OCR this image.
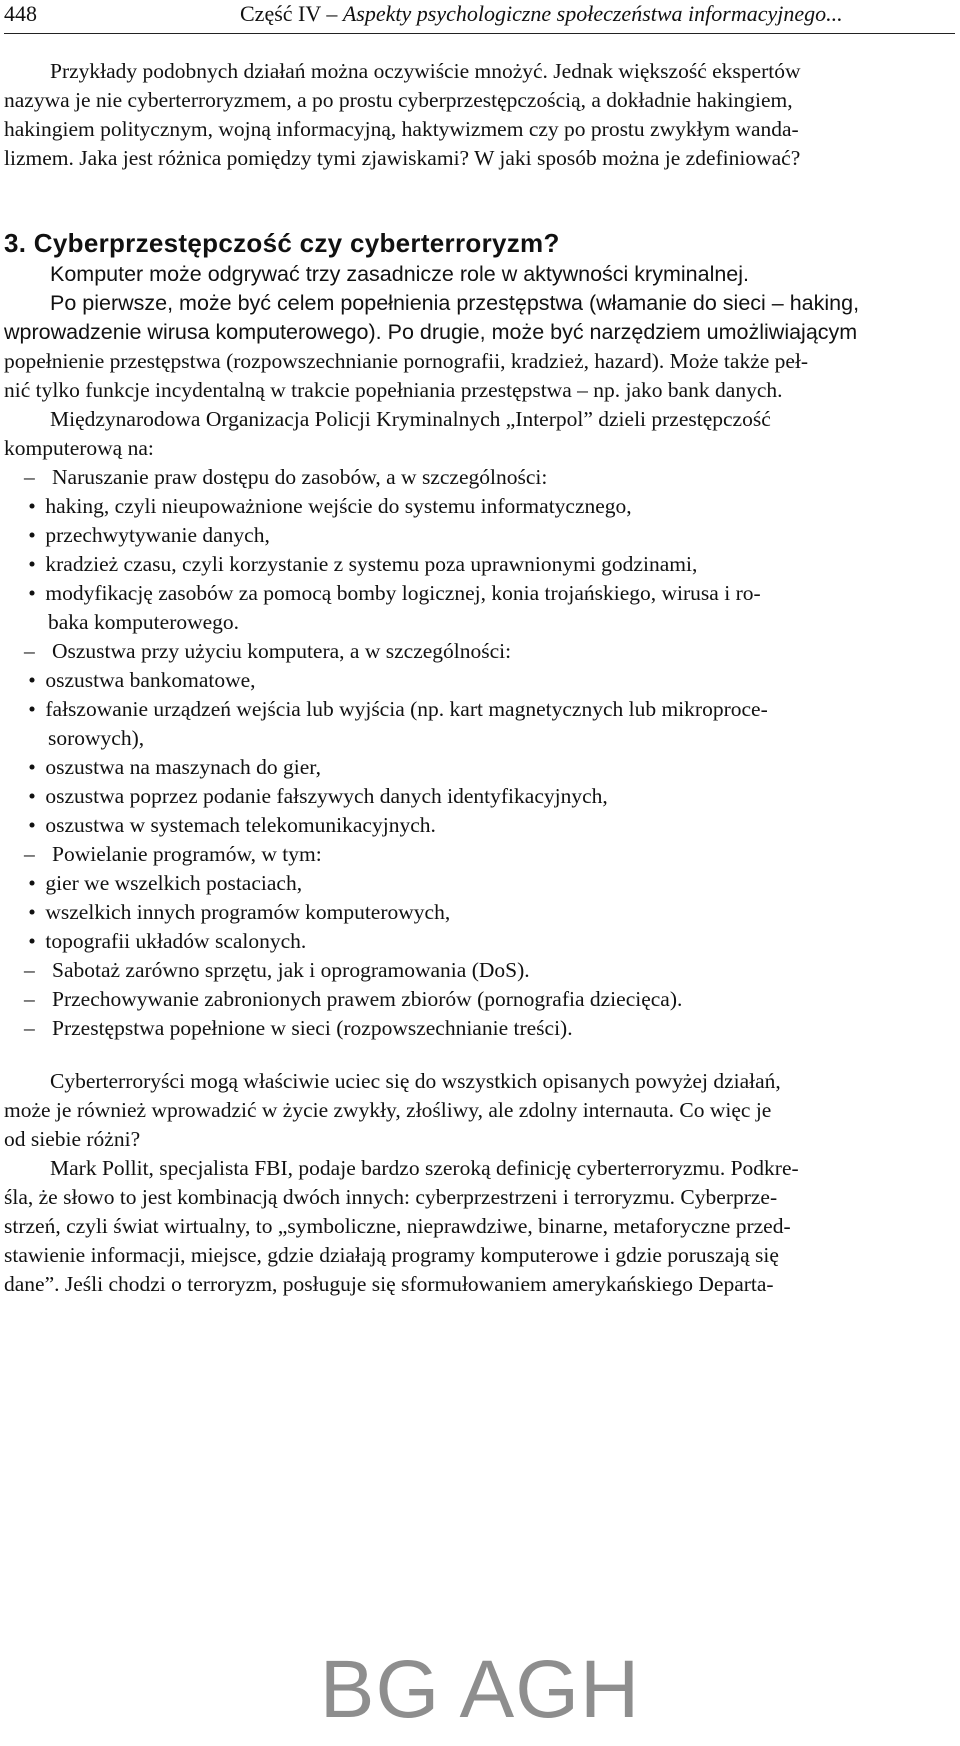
448	Część IV – Aspekty psychologiczne społeczeństwa informacyjnego...

Przykłady podobnych działań można oczywiście mnożyć. Jednak większość ekspertów

nazywa je nie cyberterroryzmem, a po prostu cyberprzestępczością, a dokładnie hakingiem,

hakingiem politycznym, wojną informacyjną, haktywizmem czy po prostu zwykłym wanda-

lizmem. Jaka jest różnica pomiędzy tymi zjawiskami? W jaki sposób można je zdefiniować?

3. Cyberprzestępczość czy cyberterroryzm?

Komputer może odgrywać trzy zasadnicze role w aktywności kryminalnej.

Po pierwsze, może być celem popełnienia przestępstwa (włamanie do sieci – haking,

wprowadzenie wirusa komputerowego). Po drugie, może być narzędziem umożliwiającym

popełnienie przestępstwa (rozpowszechnianie pornografii, kradzież, hazard). Może także peł-

nić tylko funkcje incydentalną w trakcie popełniania przestępstwa – np. jako bank danych.

Międzynarodowa Organizacja Policji Kryminalnych „Interpol” dzieli przestępczość

komputerową na:

– Naruszanie praw dostępu do zasobów, a w szczególności:

• haking, czyli nieupoważnione wejście do systemu informatycznego,

• przechwytywanie danych,

• kradzież czasu, czyli korzystanie z systemu poza uprawnionymi godzinami,

• modyfikację zasobów za pomocą bomby logicznej, konia trojańskiego, wirusa i ro-

baka komputerowego.

– Oszustwa przy użyciu komputera, a w szczególności:

• oszustwa bankomatowe,

• fałszowanie urządzeń wejścia lub wyjścia (np. kart magnetycznych lub mikroproce-

sorowych),

• oszustwa na maszynach do gier,

• oszustwa poprzez podanie fałszywych danych identyfikacyjnych,

• oszustwa w systemach telekomunikacyjnych.

– Powielanie programów, w tym:

• gier we wszelkich postaciach,

• wszelkich innych programów komputerowych,

• topografii układów scalonych.

– Sabotaż zarówno sprzętu, jak i oprogramowania (DoS).

– Przechowywanie zabronionych prawem zbiorów (pornografia dziecięca).

– Przestępstwa popełnione w sieci (rozpowszechnianie treści).

Cyberterroryści mogą właściwie uciec się do wszystkich opisanych powyżej działań,

może je również wprowadzić w życie zwykły, złośliwy, ale zdolny internauta. Co więc je

od siebie różni?

Mark Pollit, specjalista FBI, podaje bardzo szeroką definicję cyberterroryzmu. Podkre-

śla, że słowo to jest kombinacją dwóch innych: cyberprzestrzeni i terroryzmu. Cyberprze-

strzeń, czyli świat wirtualny, to „symboliczne, nieprawdziwe, binarne, metaforyczne przed-

stawienie informacji, miejsce, gdzie działają programy komputerowe i gdzie poruszają się

dane”. Jeśli chodzi o terroryzm, posługuje się sformułowaniem amerykańskiego Departa-

BG AGH
